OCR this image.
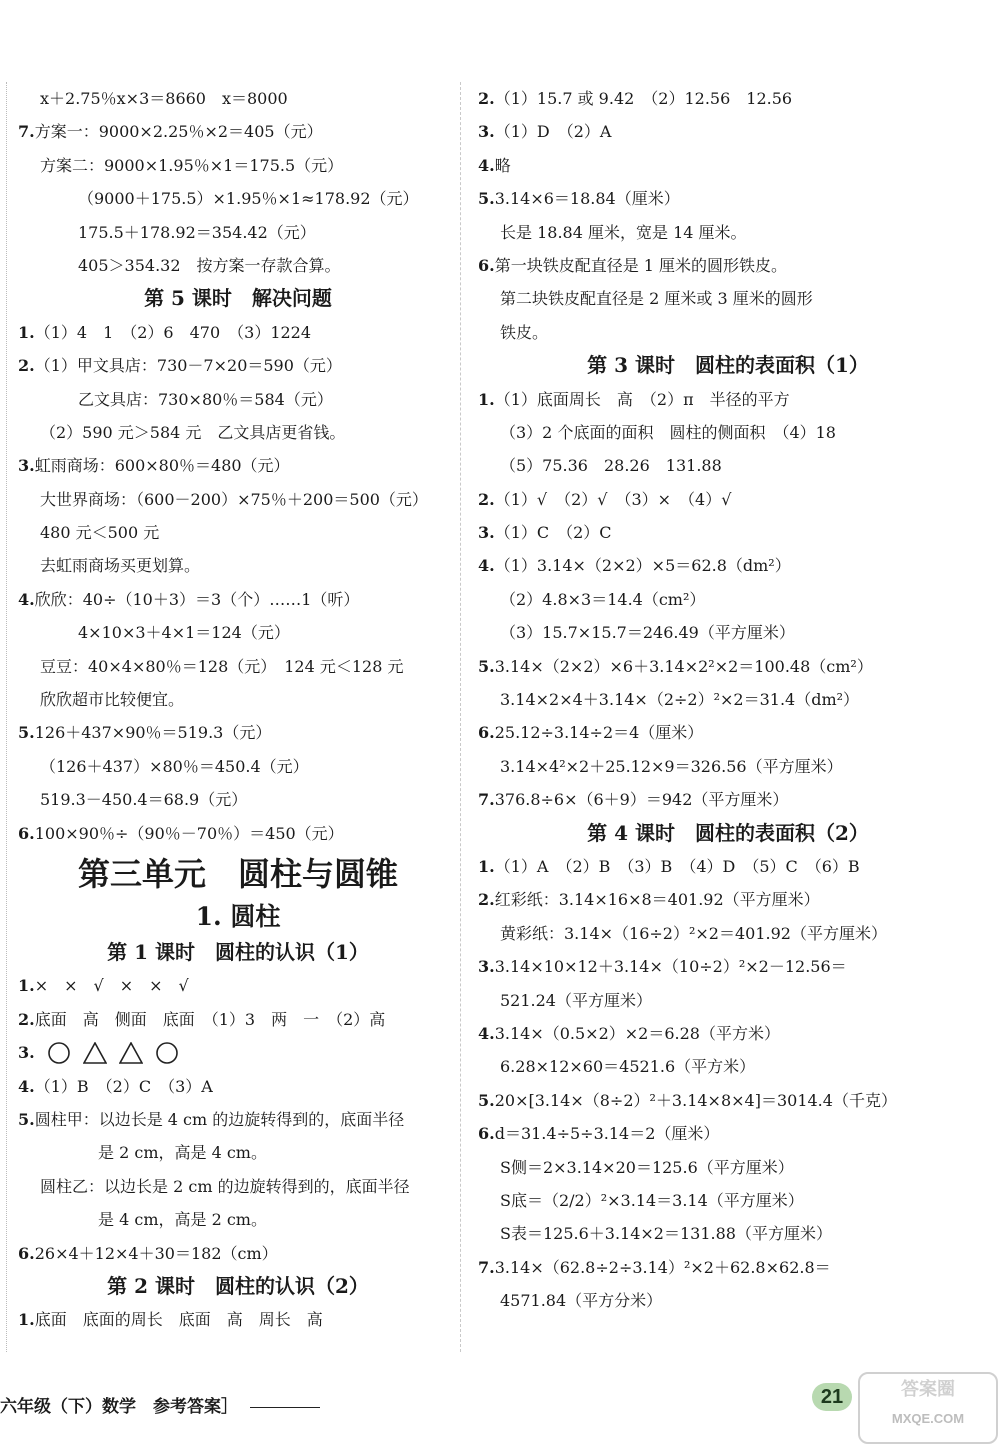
x＋2.75％x×3＝8660　x＝8000
7.方案一：9000×2.25％×2＝405（元）
方案二：9000×1.95％×1＝175.5（元）
（9000＋175.5）×1.95％×1≈178.92（元）
175.5＋178.92＝354.42（元）
405＞354.32　按方案一存款合算。
第 5 课时　解决问题
1.（1）4　1　（2）6　470　（3）1224
2.（1）甲文具店：730－7×20＝590（元）
乙文具店：730×80％＝584（元）
（2）590 元＞584 元　乙文具店更省钱。
3.虹雨商场：600×80％＝480（元）
大世界商场：（600－200）×75％＋200＝500（元）
480 元＜500 元
去虹雨商场买更划算。
4.欣欣：40÷（10＋3）＝3（个）……1（听）
4×10×3＋4×1＝124（元）
豆豆：40×4×80％＝128（元）　124 元＜128 元
欣欣超市比较便宜。
5.126＋437×90％＝519.3（元）
（126＋437）×80％＝450.4（元）
519.3－450.4＝68.9（元）
6.100×90％÷（90％－70％）＝450（元）
第三单元　圆柱与圆锥
1. 圆柱
第 1 课时　圆柱的认识（1）
1.×　×　√　×　×　√
2.底面　高　侧面　底面　（1）3　两　一　（2）高
3.
4.（1）B　（2）C　（3）A
5.圆柱甲：以边长是 4 cm 的边旋转得到的，底面半径
是 2 cm，高是 4 cm。
圆柱乙：以边长是 2 cm 的边旋转得到的，底面半径
是 4 cm，高是 2 cm。
6.26×4＋12×4＋30＝182（cm）
第 2 课时　圆柱的认识（2）
1.底面　底面的周长　底面　高　周长　高
2.（1）15.7 或 9.42　（2）12.56　12.56
3.（1）D　（2）A
4.略
5.3.14×6＝18.84（厘米）
长是 18.84 厘米，宽是 14 厘米。
6.第一块铁皮配直径是 1 厘米的圆形铁皮。
第二块铁皮配直径是 2 厘米或 3 厘米的圆形
铁皮。
第 3 课时　圆柱的表面积（1）
1.（1）底面周长　高　（2）π　半径的平方
（3）2 个底面的面积　圆柱的侧面积　（4）18
（5）75.36　28.26　131.88
2.（1）√　（2）√　（3）×　（4）√
3.（1）C　（2）C
4.（1）3.14×（2×2）×5＝62.8（dm²）
（2）4.8×3＝14.4（cm²）
（3）15.7×15.7＝246.49（平方厘米）
5.3.14×（2×2）×6＋3.14×2²×2＝100.48（cm²）
3.14×2×4＋3.14×（2÷2）²×2＝31.4（dm²）
6.25.12÷3.14÷2＝4（厘米）
3.14×4²×2＋25.12×9＝326.56（平方厘米）
7.376.8÷6×（6＋9）＝942（平方厘米）
第 4 课时　圆柱的表面积（2）
1.（1）A　（2）B　（3）B　（4）D　（5）C　（6）B
2.红彩纸：3.14×16×8＝401.92（平方厘米）
黄彩纸：3.14×（16÷2）²×2＝401.92（平方厘米）
3.3.14×10×12＋3.14×（10÷2）²×2－12.56＝
521.24（平方厘米）
4.3.14×（0.5×2）×2＝6.28（平方米）
6.28×12×60＝4521.6（平方米）
5.20×[3.14×（8÷2）²＋3.14×8×4]＝3014.4（千克）
6.d＝31.4÷5÷3.14＝2（厘米）
S侧＝2×3.14×20＝125.6（平方厘米）
S底＝（2/2）²×3.14＝3.14（平方厘米）
S表＝125.6＋3.14×2＝131.88（平方厘米）
7.3.14×（62.8÷2÷3.14）²×2＋62.8×62.8＝
4571.84（平方分米）
六年级（下）数学　参考答案］	21	答案圈
MXQE.COM
